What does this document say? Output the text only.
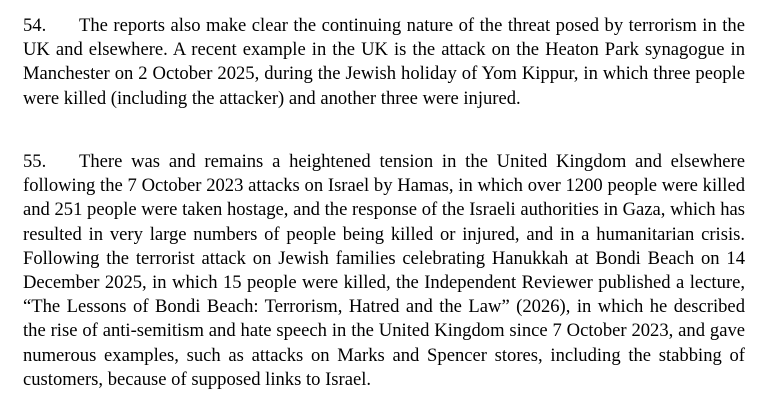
54. The reports also make clear the continuing nature of the threat posed by terrorism in the UK and elsewhere. A recent example in the UK is the attack on the Heaton Park synagogue in Manchester on 2 October 2025, during the Jewish holiday of Yom Kippur, in which three people were killed (including the attacker) and another three were injured.

55. There was and remains a heightened tension in the United Kingdom and elsewhere following the 7 October 2023 attacks on Israel by Hamas, in which over 1200 people were killed and 251 people were taken hostage, and the response of the Israeli authorities in Gaza, which has resulted in very large numbers of people being killed or injured, and in a humanitarian crisis. Following the terrorist attack on Jewish families celebrating Hanukkah at Bondi Beach on 14 December 2025, in which 15 people were killed, the Independent Reviewer published a lecture, “The Lessons of Bondi Beach: Terrorism, Hatred and the Law” (2026), in which he described the rise of anti-semitism and hate speech in the United Kingdom since 7 October 2023, and gave numerous examples, such as attacks on Marks and Spencer stores, including the stabbing of customers, because of supposed links to Israel.
